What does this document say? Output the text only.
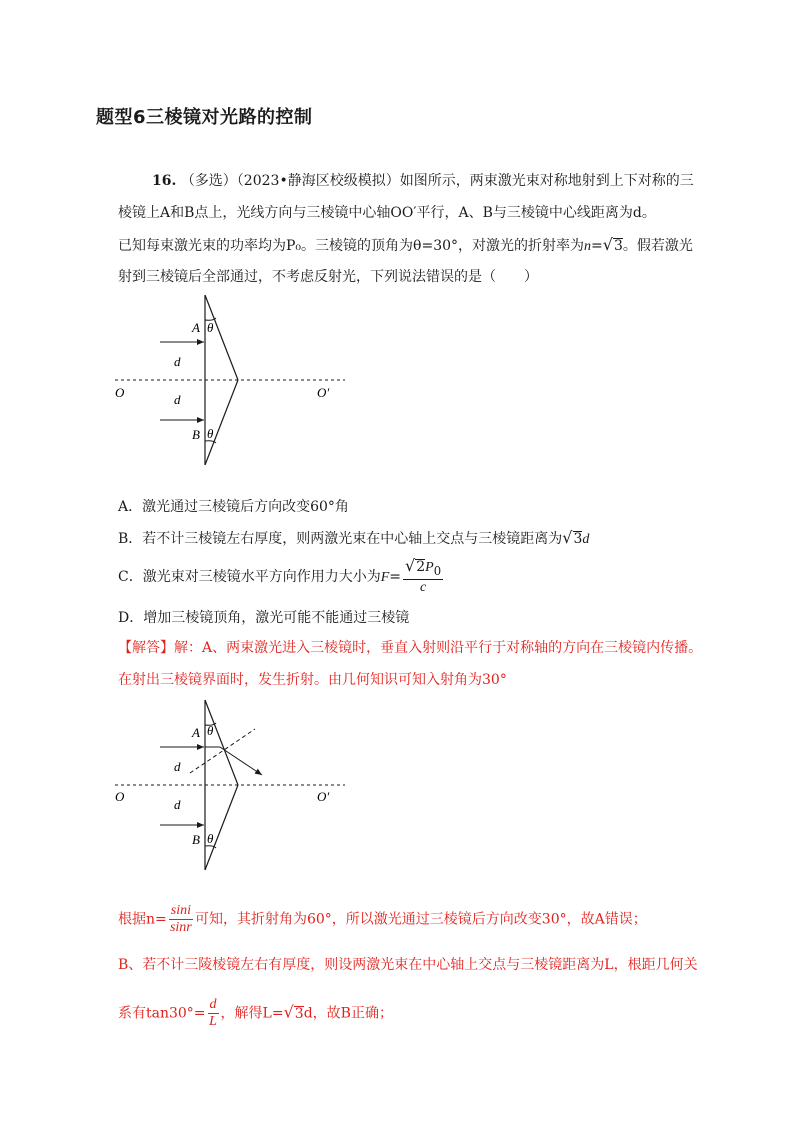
题型6三棱镜对光路的控制
16. （多选）（2023•静海区校级模拟）如图所示，两束激光束对称地射到上下对称的三
棱镜上A和B点上，光线方向与三棱镜中心轴OO′平行，A、B与三棱镜中心线距离为d。
已知每束激光束的功率均为P₀。三棱镜的顶角为θ=30°，对激光的折射率为n=√3。假若激光
射到三棱镜后全部通过，不考虑反射光，下列说法错误的是（　　）
θ
θ
A
B
d
d
O	O′
A．激光通过三棱镜后方向改变60°角
B．若不计三棱镜左右厚度，则两激光束在中心轴上交点与三棱镜距离为√3d
C．激光束对三棱镜水平方向作用力大小为$F= \frac{√2P_0}{c}$
D．增加三棱镜顶角，激光可能不能通过三棱镜
【解答】解：A、两束激光进入三棱镜时，垂直入射则沿平行于对称轴的方向在三棱镜内传播。
在射出三棱镜界面时，发生折射。由几何知识可知入射角为30°
θ
θ
A
B
d
d
O	O′
根据$n= \frac{\sin i}{\sin r}$ 可知，其折射角为60°，所以激光通过三棱镜后方向改变30°，故A错误；
B、若不计三陵棱镜左右有厚度，则设两激光束在中心轴上交点与三棱镜距离为L，根距几何关
系有$\tan 30^\circ= \frac{d}{L}$ ，解得L=√3d，故B正确；
